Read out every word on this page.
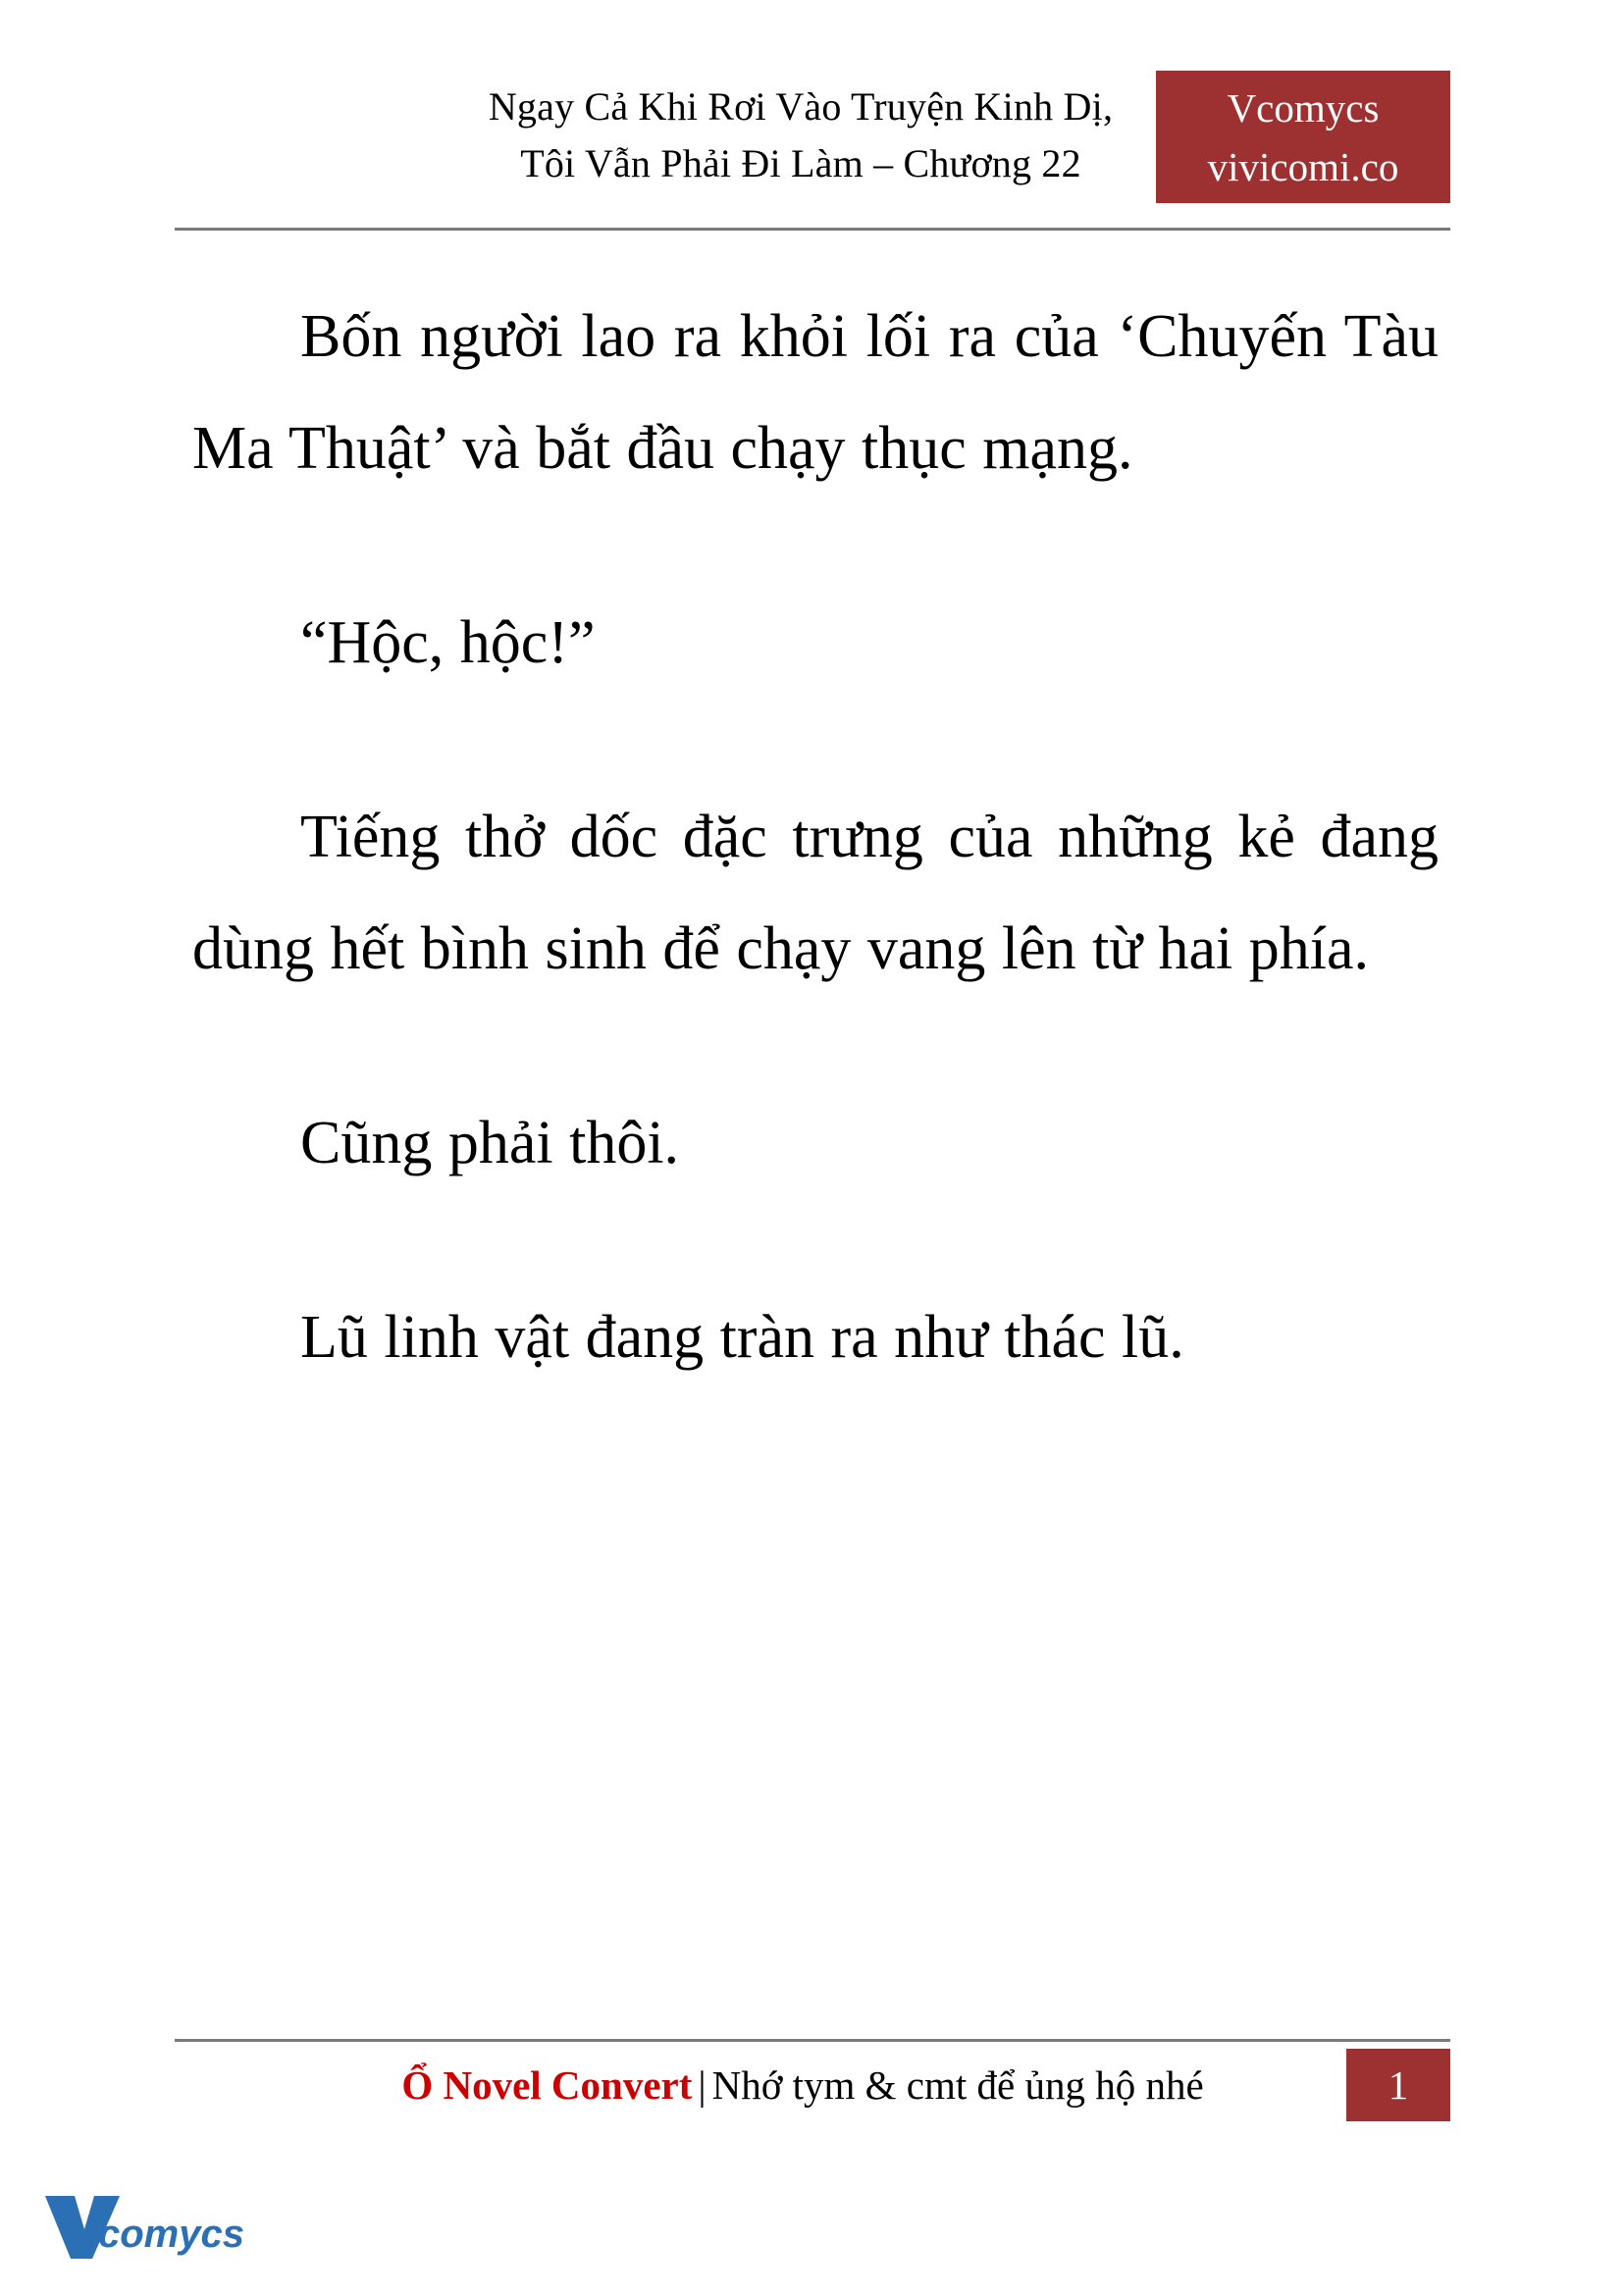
Ngay Cả Khi Rơi Vào Truyện Kinh Dị,
Tôi Vẫn Phải Đi Làm – Chương 22
Vcomycs
vivicomi.co

Bốn người lao ra khỏi lối ra của ‘Chuyến Tàu Ma Thuật’ và bắt đầu chạy thục mạng.

“Hộc, hộc!”

Tiếng thở dốc đặc trưng của những kẻ đang dùng hết bình sinh để chạy vang lên từ hai phía.

Cũng phải thôi.

Lũ linh vật đang tràn ra như thác lũ.

Ổ Novel Convert | Nhớ tym & cmt để ủng hộ nhé	1
comycs
